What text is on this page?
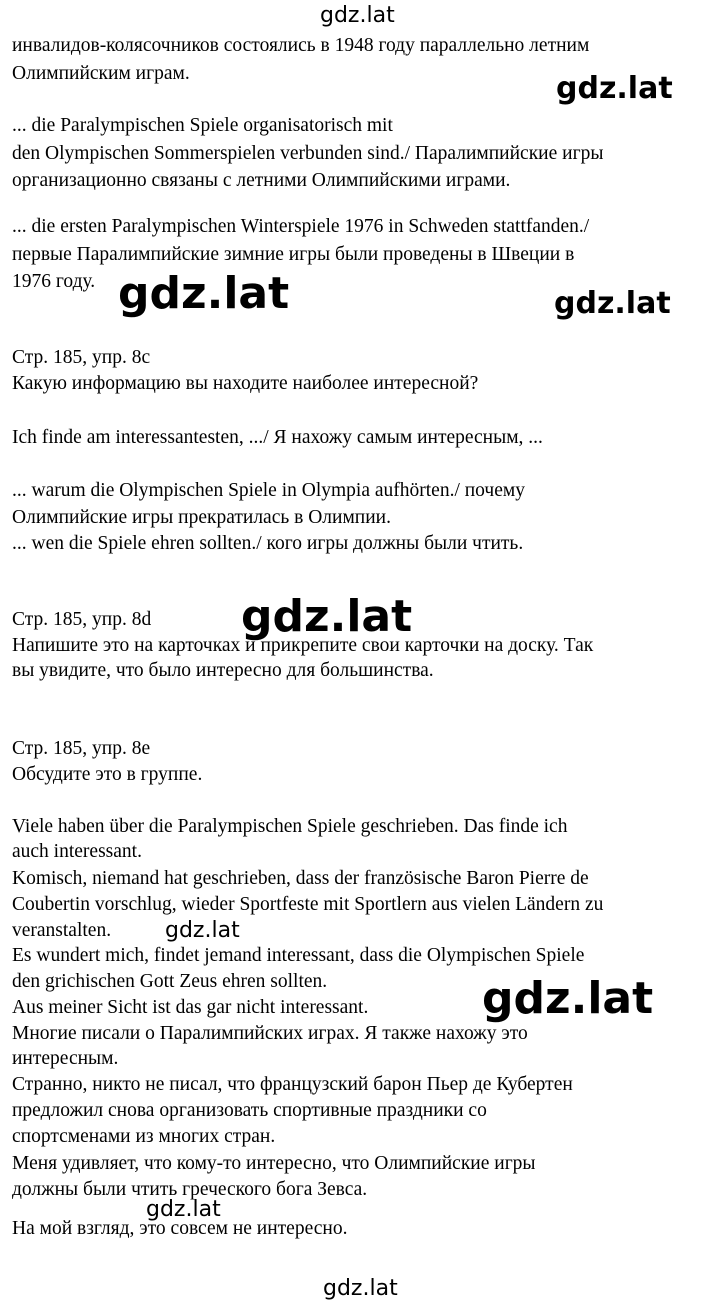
инвалидов-колясочников состоялись в 1948 году параллельно летним

Олимпийским играм.

... die Paralympischen Spiele organisatorisch mit

den Olympischen Sommerspielen verbunden sind./ Паралимпийские игры

организационно связаны с летними Олимпийскими играми.

... die ersten Paralympischen Winterspiele 1976 in Schweden stattfanden./

первые Паралимпийские зимние игры были проведены в Швеции в

1976 году.

Стр. 185, упр. 8c

Какую информацию вы находите наиболее интересной?

Ich finde am interessantesten, .../ Я нахожу самым интересным, ...

... warum die Olympischen Spiele in Olympia aufhörten./ почему

Олимпийские игры прекратилась в Олимпии.

... wen die Spiele ehren sollten./ кого игры должны были чтить.

Стр. 185, упр. 8d

Напишите это на карточках и прикрепите свои карточки на доску. Так

вы увидите, что было интересно для большинства.

Стр. 185, упр. 8e

Обсудите это в группе.

Viele haben über die Paralympischen Spiele geschrieben. Das finde ich

auch interessant.

Komisch, niemand hat geschrieben, dass der französische Baron Pierre de

Coubertin vorschlug, wieder Sportfeste mit Sportlern aus vielen Ländern zu

veranstalten.

Es wundert mich, findet jemand interessant, dass die Olympischen Spiele

den grichischen Gott Zeus ehren sollten.

Aus meiner Sicht ist das gar nicht interessant.

Многие писали о Паралимпийских играх. Я также нахожу это

интересным.

Странно, никто не писал, что французский барон Пьер де Кубертен

предложил снова организовать спортивные праздники со

спортсменами из многих стран.

Меня удивляет, что кому-то интересно, что Олимпийские игры

должны были чтить греческого бога Зевса.

На мой взгляд, это совсем не интересно.

gdz.lat

gdz.lat

gdz.lat	gdz.lat

gdz.lat

gdz.lat

gdz.lat

gdz.lat

gdz.lat
